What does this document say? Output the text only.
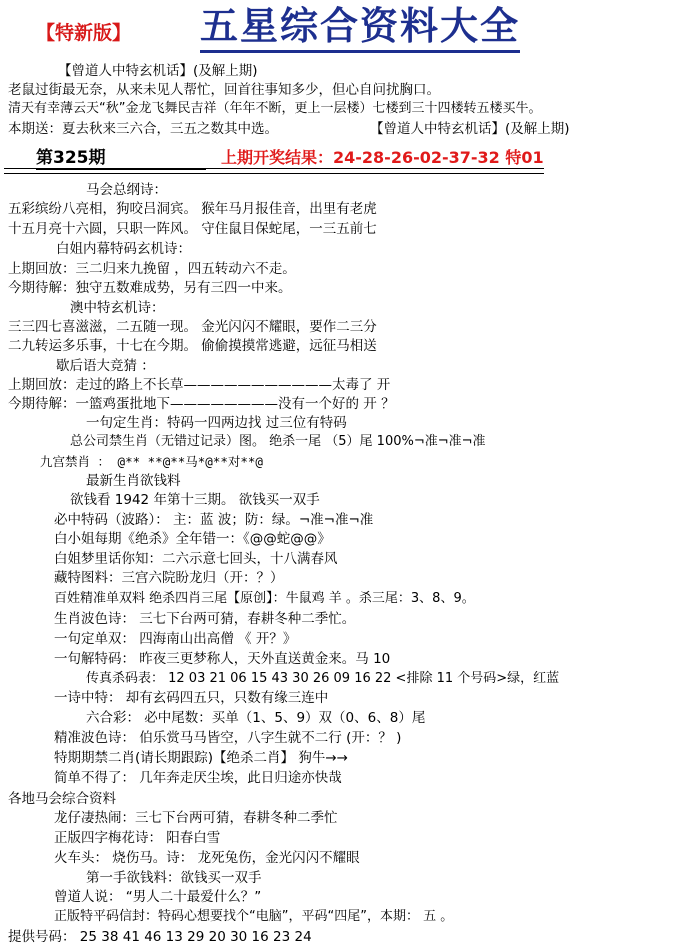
【特新版】 五星综合资料大全
【曾道人中特玄机话】(及解上期)
老鼠过街最无奈，从来未见人帮忙，回首往事知多少，但心自问扰胸口。
清天有幸薄云天“秋”金龙飞舞民吉祥（年年不断，更上一层楼）七楼到三十四楼转五楼买牛。
本期送：夏去秋来三六合，三五之数其中选。	【曾道人中特玄机话】(及解上期)
第325期	上期开奖结果：24-28-26-02-37-32 特01
马会总纲诗：
五彩缤纷八亮相，狗咬吕洞宾。 猴年马月报佳音，出里有老虎
十五月亮十六圆，只职一阵风。 守住鼠目保蛇尾，一三五前七
白姐内幕特码玄机诗：
上期回放：三二归来九挽留 ，四五转动六不走。
今期待解：独守五数难成势，另有三四一中来。
澳中特玄机诗：
三三四七喜滋滋，二五随一现。 金光闪闪不耀眼，要作二三分
二九转运多乐事，十七在今期。 偷偷摸摸常逃避，远征马相送
歇后语大竞猜 ：
上期回放：走过的路上不长草———————————太毒了 开
今期待解：一篮鸡蛋批地下————————没有一个好的 开 ？
一句定生肖：特码一四两边找 过三位有特码
总公司禁生肖（无错过记录）图。 绝杀一尾 （5）尾 100%¬准¬准¬准
九宫禁肖 ： @** **@**马*@**对**@
最新生肖欲钱料
欲钱看 1942 年第十三期。 欲钱买一双手
必中特码（波路）： 主：蓝 波；防：绿。¬准¬准¬准
白小姐每期《绝杀》全年错一：《@@蛇@@》
白姐梦里话你知：二六示意七回头，十八满春风
藏特图料：三宫六院盼龙归（开：？）
百姓精准单双料 绝杀四肖三尾【原创】：牛鼠鸡 羊 。杀三尾：3、8、9。
生肖波色诗： 三七下台两可猜，春耕冬种二季忙。
一句定单双： 四海南山出高僧 《 开？》
一句解特码： 昨夜三更梦称人，天外直送黄金来。马 10
传真杀码表： 12 03 21 06 15 43 30 26 09 16 22 <排除 11 个号码>绿，红蓝
一诗中特： 却有玄码四五只，只数有缘三连中
六合彩： 必中尾数：买单（1、5、9）双（0、6、8）尾
精准波色诗： 伯乐赏马马皆空，八字生就不二行 (开：？ )
特期期禁二肖(请长期跟踪)【绝杀二肖】 狗牛→→
简单不得了： 几年奔走厌尘埃，此日归途亦快哉
各地马会综合资料
龙仔凄热闹：三七下台两可猜，春耕冬种二季忙
正版四字梅花诗： 阳春白雪
火车头： 烧伤马。诗： 龙死兔伤，金光闪闪不耀眼
第一手欲钱料：欲钱买一双手
曾道人说： “男人二十最爱什么？”
正版特平码信封：特码心想要找个“电脑”，平码“四尾”，本期： 五 。
提供号码： 25 38 41 46 13 29 20 30 16 23 24
